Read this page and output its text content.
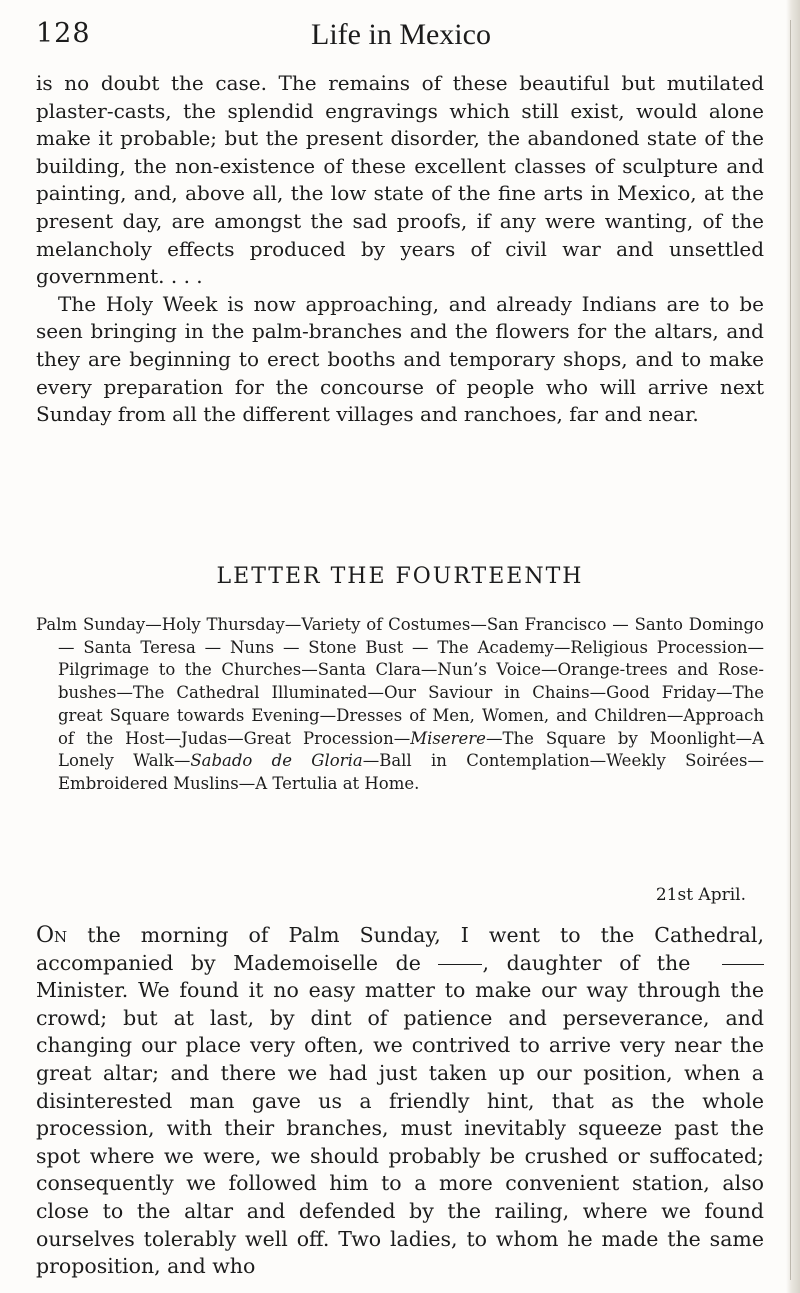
128	Life in Mexico

is no doubt the case. The remains of these beautiful but mutilated plaster-casts, the splendid engravings which still exist, would alone make it probable; but the present disorder, the abandoned state of the building, the non-existence of these excellent classes of sculpture and painting, and, above all, the low state of the fine arts in Mexico, at the present day, are amongst the sad proofs, if any were wanting, of the melancholy effects produced by years of civil war and unsettled government. . . .

The Holy Week is now approaching, and already Indians are to be seen bringing in the palm-branches and the flowers for the altars, and they are beginning to erect booths and temporary shops, and to make every preparation for the concourse of people who will arrive next Sunday from all the different villages and ranchoes, far and near.

LETTER THE FOURTEENTH

Palm Sunday—Holy Thursday—Variety of Costumes—San Francisco — Santo Domingo — Santa Teresa — Nuns — Stone Bust — The Academy—Religious Procession—Pilgrimage to the Churches—Santa Clara—Nun’s Voice—Orange-trees and Rose-bushes—The Cathedral Illuminated—Our Saviour in Chains—Good Friday—The great Square towards Evening—Dresses of Men, Women, and Children—Approach of the Host—Judas—Great Procession—Miserere—The Square by Moonlight—A Lonely Walk—Sabado de Gloria—Ball in Contemplation—Weekly Soirées—Embroidered Muslins—A Tertulia at Home.

21st April.

On the morning of Palm Sunday, I went to the Cathedral, accompanied by Mademoiselle de	, daughter of the  Minister. We found it no easy matter to make our way through the crowd; but at last, by dint of patience and perseverance, and changing our place very often, we contrived to arrive very near the great altar; and there we had just taken up our position, when a disinterested man gave us a friendly hint, that as the whole procession, with their branches, must inevitably squeeze past the spot where we were, we should probably be crushed or suffocated; consequently we followed him to a more convenient station, also close to the altar and defended by the railing, where we found ourselves tolerably well off. Two ladies, to whom he made the same proposition, and who
